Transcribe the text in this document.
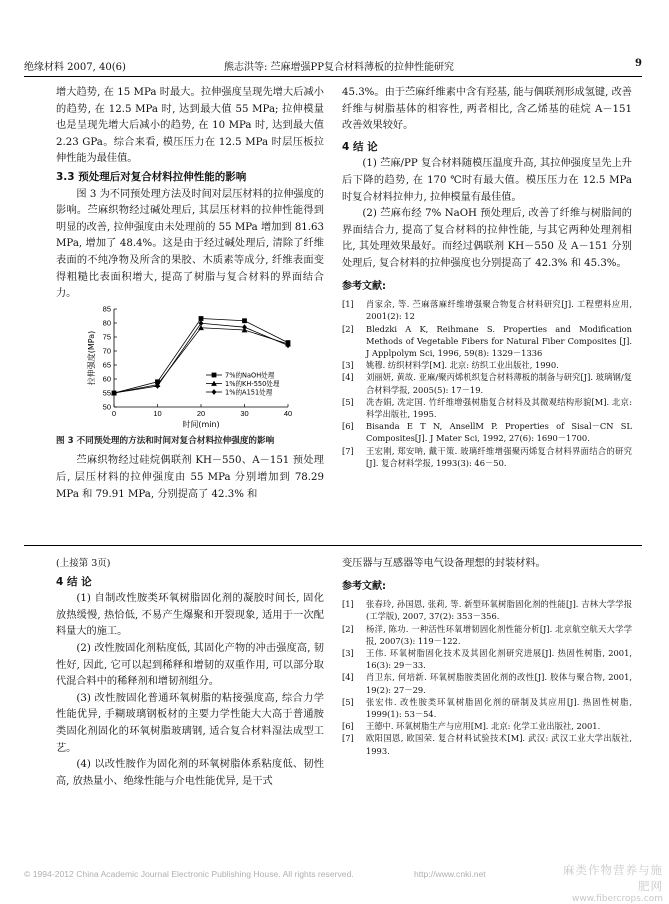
绝缘材料 2007, 40(6)	熊志洪等: 苎麻增强PP复合材料薄板的拉伸性能研究	9

增大趋势, 在 15 MPa 时最大。拉伸强度呈现先增大后减小的趋势, 在 12.5 MPa 时, 达到最大值 55 MPa; 拉伸模量也是呈现先增大后减小的趋势, 在 10 MPa 时, 达到最大值 2.23 GPa。综合来看, 模压压力在 12.5 MPa 时层压板拉伸性能为最佳值。

3.3 预处理后对复合材料拉伸性能的影响

图 3 为不同预处理方法及时间对层压材料的拉伸强度的影响。苎麻织物经过碱处理后, 其层压材料的拉伸性能得到明显的改善, 拉伸强度由未处理前的 55 MPa 增加到 81.63 MPa, 增加了 48.4%。这是由于经过碱处理后, 清除了纤维表面的不纯净物及所含的果胶、木质素等成分, 纤维表面变得粗糙比表面积增大, 提高了树脂与复合材料的界面结合力。

0	10	20	30	40
50
55
60
65
70
75
80
85
时间(min)
拉伸强度(MPa)	7%的NaOH处理
1%的KH-550处理
1%的A151处理
图 3 不同预处理的方法和时间对复合材料拉伸强度的影响

苎麻织物经过硅烷偶联剂 KH－550、A－151 预处理后, 层压材料的拉伸强度由 55 MPa 分别增加到 78.29 MPa 和 79.91 MPa, 分别提高了 42.3% 和

45.3%。由于苎麻纤维素中含有羟基, 能与偶联剂形成氢键, 改善纤维与树脂基体的相容性, 两者相比, 含乙烯基的硅烷 A－151 改善效果较好。

4 结 论

(1) 苎麻/PP 复合材料随模压温度升高, 其拉伸强度呈先上升后下降的趋势, 在 170 ℃时有最大值。模压压力在 12.5 MPa 时复合材料拉伸力, 拉伸模量有最佳值。

(2) 苎麻布经 7% NaOH 预处理后, 改善了纤维与树脂间的界面结合力, 提高了复合材料的拉伸性能, 与其它两种处理剂相比, 其处理效果最好。而经过偶联剂 KH－550 及 A－151 分别处理后, 复合材料的拉伸强度也分别提高了 42.3% 和 45.3%。

参考文献:
[1]	肖家余, 等. 苎麻落麻纤维增强聚合物复合材料研究[J]. 工程塑料应用, 2001(2): 12
[2]	Bledzki A K, Reihmane S. Properties and Modification Methods of Vegetable Fibers for Natural Fiber Composites [J]. J Applpolym Sci, 1996, 59(8): 1329－1336
[3]	姚穆. 纺织材料学[M]. 北京: 纺织工业出版社, 1990.
[4]	刘丽妍, 黄故. 亚麻/聚丙烯机织复合材料薄板的制备与研究[J]. 玻璃钢/复合材料学报, 2005(5): 17－19.
[5]	冼杏娟, 冼定国. 竹纤维增强树脂复合材料及其微观结构形貌[M]. 北京: 科学出版社, 1995.
[6]	Bisanda E T N, AnsellM P. Properties of Sisal－CN SL Composites[J]. J Mater Sci, 1992, 27(6): 1690－1700.
[7]	王宏刚, 郑安呐, 戴干策. 玻璃纤维增强聚丙烯复合材料界面结合的研究[J]. 复合材料学报, 1993(3): 46－50.
(上接第 3页)
4 结 论

(1) 自制改性胺类环氧树脂固化剂的凝胶时间长, 固化放热缓慢, 热恰低, 不易产生爆聚和开裂现象, 适用于一次配料量大的施工。

(2) 改性胺固化剂粘度低, 其固化产物的冲击强度高, 韧性好, 因此, 它可以起到稀释和增韧的双重作用, 可以部分取代混合料中的稀释剂和增韧剂组分。

(3) 改性胺固化普通环氧树脂的粘接强度高, 综合力学性能优异, 手糊玻璃钢板材的主要力学性能大大高于普通胺类固化剂固化的环氧树脂玻璃钢, 适合复合材料湿法成型工艺。

(4) 以改性胺作为固化剂的环氧树脂体系粘度低、韧性高, 放热量小、绝缘性能与介电性能优异, 是干式

变压器与互感器等电气设备理想的封装材料。

参考文献:
[1]	张春玲, 孙国恩, 张莉, 等. 新型环氧树脂固化剂的性能[J]. 吉林大学学报(工学版), 2007, 37(2): 353－356.
[2]	杨洋, 陈功. 一种活性环氧增韧固化剂性能分析[J]. 北京航空航天大学学报, 2007(3): 119－122.
[3]	王伟. 环氧树脂固化技术及其固化剂研究进展[J]. 热固性树脂, 2001, 16(3): 29－33.
[4]	肖卫东, 何培新. 环氧树脂胺类固化剂的改性[J]. 胶体与聚合物, 2001, 19(2): 27－29.
[5]	张宏伟. 改性胺类环氧树脂固化剂的研制及其应用[J]. 热固性树脂, 1999(1): 53－54.
[6]	王德中. 环氧树脂生产与应用[M]. 北京: 化学工业出版社, 2001.
[7]	欧阳国恩, 欧国荣. 复合材料试验技术[M]. 武汉: 武汉工业大学出版社, 1993.
© 1994-2012 China Academic Journal Electronic Publishing House. All rights reserved.	http://www.cnki.net	麻类作物营养与施肥网
www.fibercrops.com
